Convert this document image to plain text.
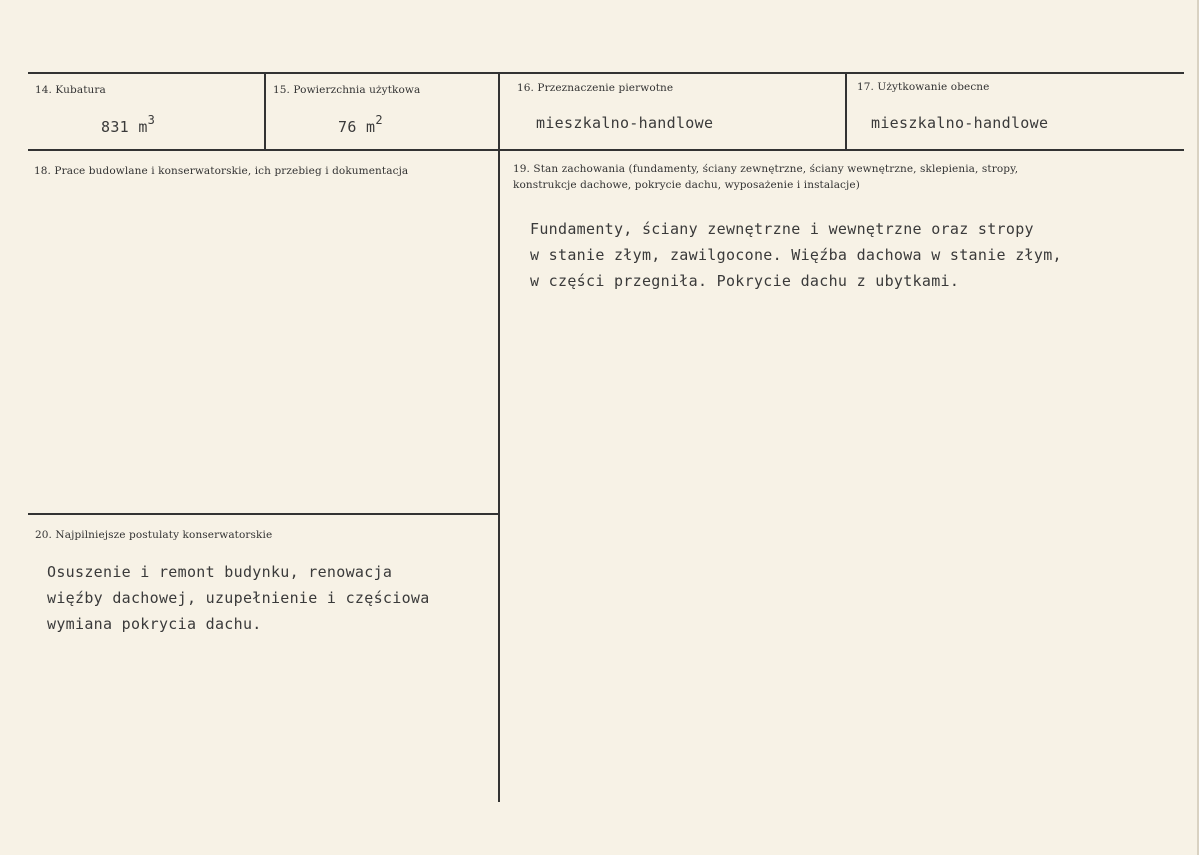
14. Kubatura
831 $m^3$
15. Powierzchnia użytkowa
76 $m^2$
16. Przeznaczenie pierwotne
mieszkalno-handlowe
17. Użytkowanie obecne
mieszkalno-handlowe
18. Prace budowlane i konserwatorskie, ich przebieg i dokumentacja	19. Stan zachowania (fundamenty, ściany zewnętrzne, ściany wewnętrzne, sklepienia, stropy,
konstrukcje dachowe, pokrycie dachu, wyposażenie i instalacje)
Fundamenty, ściany zewnętrzne i wewnętrzne oraz stropy
w stanie złym, zawilgocone. Więźba dachowa w stanie złym,
w części przegniła. Pokrycie dachu z ubytkami.
20. Najpilniejsze postulaty konserwatorskie
Osuszenie i remont budynku, renowacja
więźby dachowej, uzupełnienie i częściowa
wymiana pokrycia dachu.
